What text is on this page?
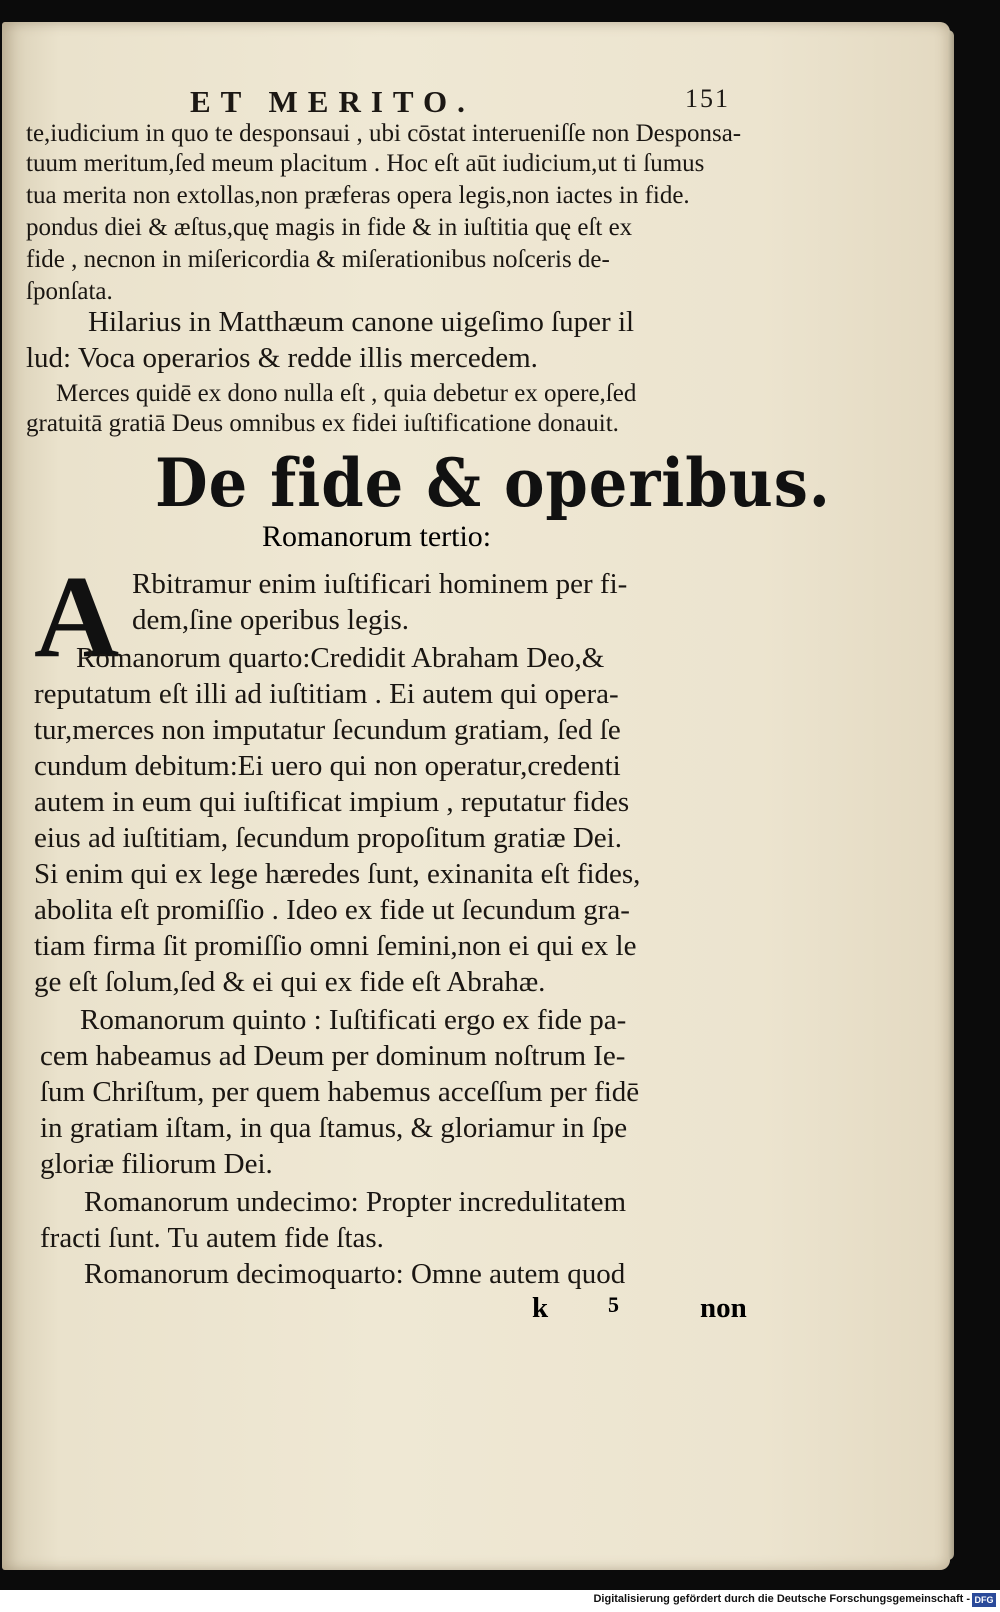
ET MERITO.	151
te,iudicium in quo te desponsaui , ubi cōstat interueniſſe non Desponsa-
tuum meritum,ſed meum placitum . Hoc eſt aūt iudicium,ut ti ſumus
tua merita non extollas,non præferas opera legis,non iactes in fide.
pondus diei & æſtus,quę magis in fide & in iuſtitia quę eſt ex
fide , necnon in miſericordia & miſerationibus noſceris de-
ſponſata.
Hilarius in Matthæum canone uigeſimo ſuper il
lud: Voca operarios & redde illis mercedem.
Merces quidē ex dono nulla eſt , quia debetur ex opere,ſed
gratuitā gratiā Deus omnibus ex fidei iuſtificatione donauit.
De fide & operibus.
Romanorum tertio:
A Rbitramur enim iuſtificari hominem per fi-
dem,ſine operibus legis.
Romanorum quarto:Credidit Abraham Deo,&
reputatum eſt illi ad iuſtitiam . Ei autem qui opera-
tur,merces non imputatur ſecundum gratiam, ſed ſe
cundum debitum:Ei uero qui non operatur,credenti
autem in eum qui iuſtificat impium , reputatur fides
eius ad iuſtitiam, ſecundum propoſitum gratiæ Dei.
Si enim qui ex lege hæredes ſunt, exinanita eſt fides,
abolita eſt promiſſio . Ideo ex fide ut ſecundum gra-
tiam firma ſit promiſſio omni ſemini,non ei qui ex le
ge eſt ſolum,ſed & ei qui ex fide eſt Abrahæ.
Romanorum quinto : Iuſtificati ergo ex fide pa-
cem habeamus ad Deum per dominum noſtrum Ie-
ſum Chriſtum, per quem habemus acceſſum per fidē
in gratiam iſtam, in qua ſtamus, & gloriamur in ſpe
gloriæ filiorum Dei.
Romanorum undecimo: Propter incredulitatem
fracti ſunt. Tu autem fide ſtas.
Romanorum decimoquarto: Omne autem quod
k	5	non
Digitalisierung gefördert durch die Deutsche Forschungsgemeinschaft - DFG
